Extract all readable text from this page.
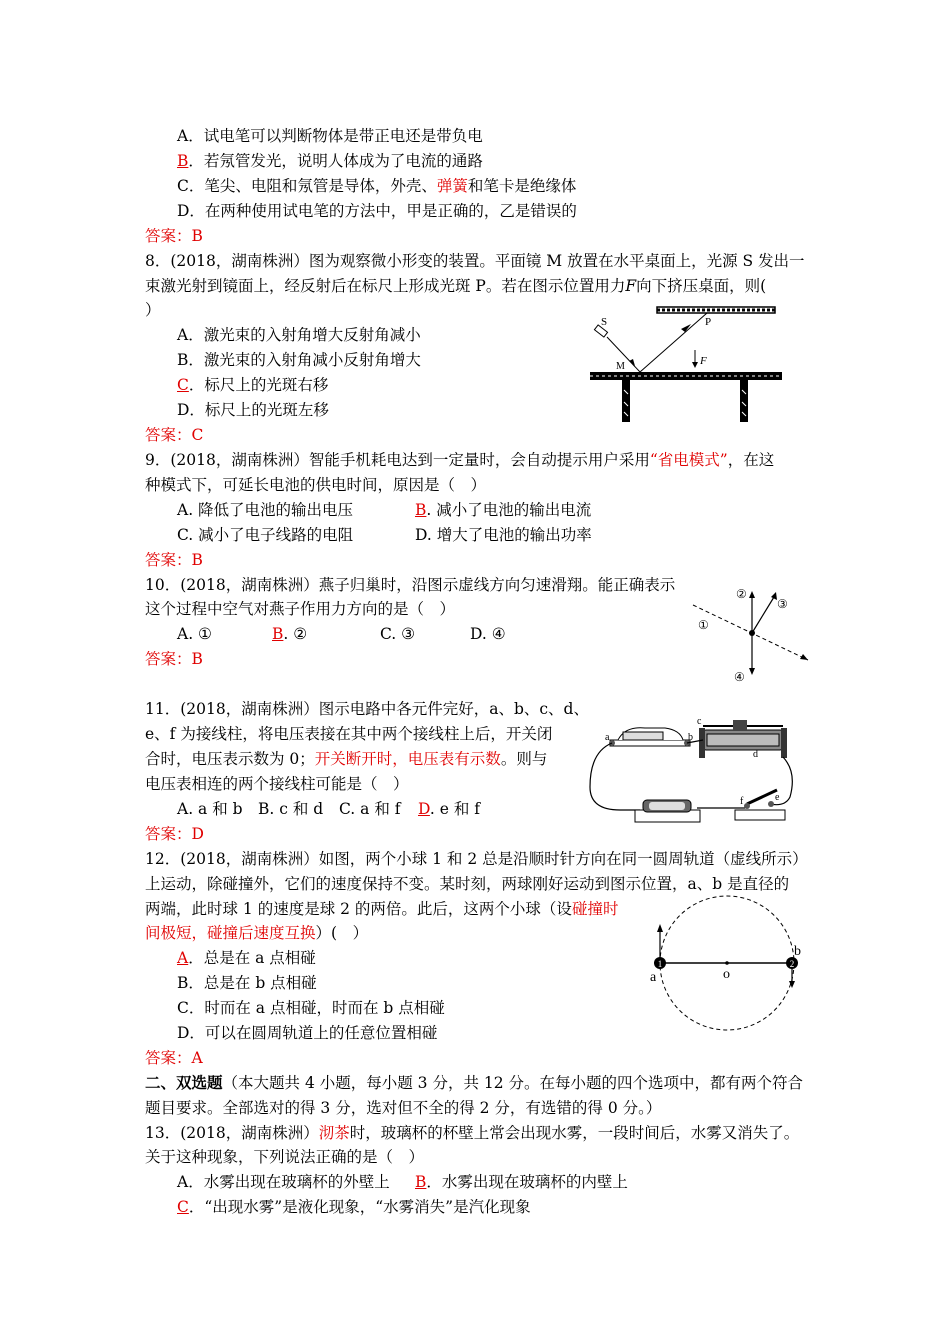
A．试电笔可以判断物体是带正电还是带负电
B．若氖管发光，说明人体成为了电流的通路
C．笔尖、电阻和氖管是导体，外壳、弹簧和笔卡是绝缘体
D．在两种使用试电笔的方法中，甲是正确的，乙是错误的
答案：B
8．(2018，湖南株洲）图为观察微小形变的装置。平面镜 M 放置在水平桌面上，光源 S 发出一
束激光射到镜面上，经反射后在标尺上形成光斑 P。若在图示位置用力F向下挤压桌面，则(
）
A．激光束的入射角增大反射角减小
B．激光束的入射角减小反射角增大
C．标尺上的光斑右移
D．标尺上的光斑左移
答案：C
S	P
M	F
9．(2018，湖南株洲）智能手机耗电达到一定量时，会自动提示用户采用“省电模式”，在这
种模式下，可延长电池的供电时间，原因是（　）
A. 降低了电池的输出电压	B. 减小了电池的输出电流
C. 减小了电子线路的电阻	D. 增大了电池的输出功率
答案：B
10．(2018，湖南株洲）燕子归巢时，沿图示虚线方向匀速滑翔。能正确表示
这个过程中空气对燕子作用力方向的是（　）
A. ①	B. ②	C. ③	D. ④
答案：B
①
②
③
④
11．(2018，湖南株洲）图示电路中各元件完好，a、b、c、d、
e、f 为接线柱，将电压表接在其中两个接线柱上后，开关闭
合时，电压表示数为 0；开关断开时，电压表有示数。则与
电压表相连的两个接线柱可能是（　）
A. a 和 b B. c 和 d C. a 和 f D. e 和 f
答案：D
a	b
c
d
f	e
12．(2018，湖南株洲）如图，两个小球 1 和 2 总是沿顺时针方向在同一圆周轨道（虚线所示）
上运动，除碰撞外，它们的速度保持不变。某时刻，两球刚好运动到图示位置，a、b 是直径的
两端，此时球 1 的速度是球 2 的两倍。此后，这两个小球（设碰撞时
间极短，碰撞后速度互换）(　）
A．总是在 a 点相碰
B．总是在 b 点相碰
C．时而在 a 点相碰，时而在 b 点相碰
D．可以在圆周轨道上的任意位置相碰
答案：A
1	2
a
b
o
二、双选题（本大题共 4 小题，每小题 3 分，共 12 分。在每小题的四个选项中，都有两个符合
题目要求。全部选对的得 3 分，选对但不全的得 2 分，有选错的得 0 分。）
13．(2018，湖南株洲）沏茶时，玻璃杯的杯壁上常会出现水雾，一段时间后，水雾又消失了。
关于这种现象，下列说法正确的是（　）
A．水雾出现在玻璃杯的外壁上 B．水雾出现在玻璃杯的内壁上
C．“出现水雾”是液化现象，“水雾消失”是汽化现象
